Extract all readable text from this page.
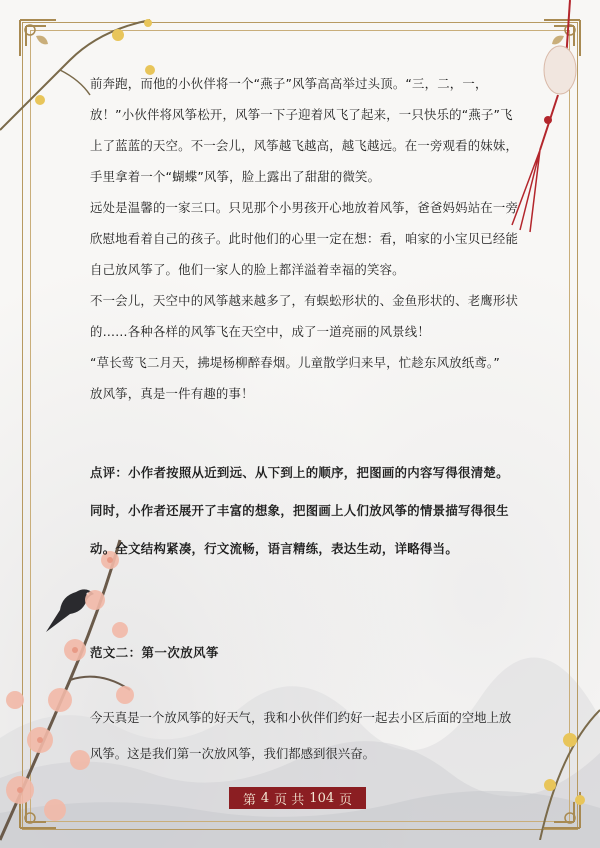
前奔跑，而他的小伙伴将一个“燕子”风筝高高举过头顶。“三，二，一，放！”小伙伴将风筝松开，风筝一下子迎着风飞了起来，一只快乐的“燕子”飞上了蓝蓝的天空。不一会儿，风筝越飞越高，越飞越远。在一旁观看的妹妹，手里拿着一个“蝴蝶”风筝，脸上露出了甜甜的微笑。

远处是温馨的一家三口。只见那个小男孩开心地放着风筝，爸爸妈妈站在一旁欣慰地看着自己的孩子。此时他们的心里一定在想：看，咱家的小宝贝已经能自己放风筝了。他们一家人的脸上都洋溢着幸福的笑容。

不一会儿，天空中的风筝越来越多了，有蜈蚣形状的、金鱼形状的、老鹰形状的……各种各样的风筝飞在天空中，成了一道亮丽的风景线！

“草长莺飞二月天，拂堤杨柳醉春烟。儿童散学归来早，忙趁东风放纸鸢。”

放风筝，真是一件有趣的事！

点评：小作者按照从近到远、从下到上的顺序，把图画的内容写得很清楚。同时，小作者还展开了丰富的想象，把图画上人们放风筝的情景描写得很生动。全文结构紧凑，行文流畅，语言精练，表达生动，详略得当。

范文二：第一次放风筝

今天真是一个放风筝的好天气，我和小伙伴们约好一起去小区后面的空地上放风筝。这是我们第一次放风筝，我们都感到很兴奋。

第 4 页 共 104 页
